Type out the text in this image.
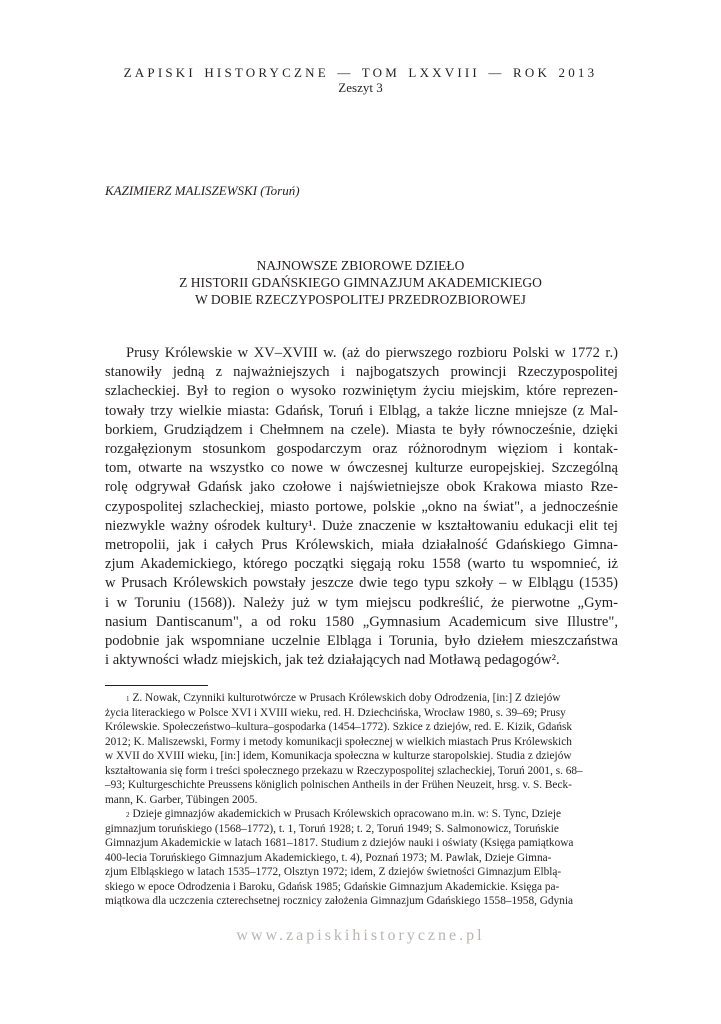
ZAPISKI HISTORYCZNE — TOM LXXVIII — ROK 2013
Zeszyt 3
KAZIMIERZ MALISZEWSKI (Toruń)
NAJNOWSZE ZBIOROWE DZIEŁO
Z HISTORII GDAŃSKIEGO GIMNAZJUM AKADEMICKIEGO
W DOBIE RZECZYPOSPOLITEJ PRZEDROZBIOROWEJ
Prusy Królewskie w XV–XVIII w. (aż do pierwszego rozbioru Polski w 1772 r.)
stanowiły jedną z najważniejszych i najbogatszych prowincji Rzeczypospolitej
szlacheckiej. Był to region o wysoko rozwiniętym życiu miejskim, które reprezen-
towały trzy wielkie miasta: Gdańsk, Toruń i Elbląg, a także liczne mniejsze (z Mal-
borkiem, Grudziądzem i Chełmnem na czele). Miasta te były równocześnie, dzięki
rozgałęzionym stosunkom gospodarczym oraz różnorodnym więziom i kontak-
tom, otwarte na wszystko co nowe w ówczesnej kulturze europejskiej. Szczególną
rolę odgrywał Gdańsk jako czołowe i najświetniejsze obok Krakowa miasto Rze-
czypospolitej szlacheckiej, miasto portowe, polskie „okno na świat", a jednocześnie
niezwykle ważny ośrodek kultury¹. Duże znaczenie w kształtowaniu edukacji elit tej
metropolii, jak i całych Prus Królewskich, miała działalność Gdańskiego Gimna-
zjum Akademickiego, którego początki sięgają roku 1558 (warto tu wspomnieć, iż
w Prusach Królewskich powstały jeszcze dwie tego typu szkoły – w Elblągu (1535)
i w Toruniu (1568)). Należy już w tym miejscu podkreślić, że pierwotne „Gym-
nasium Dantiscanum", a od roku 1580 „Gymnasium Academicum sive Illustre",
podobnie jak wspomniane uczelnie Elbląga i Torunia, było dziełem mieszczaństwa
i aktywności władz miejskich, jak też działających nad Motławą pedagogów².
$^1$ Z. Nowak, Czynniki kulturotwórcze w Prusach Królewskich doby Odrodzenia, [in:] Z dziejów
życia literackiego w Polsce XVI i XVIII wieku, red. H. Dziechcińska, Wrocław 1980, s. 39–69; Prusy
Królewskie. Społeczeństwo–kultura–gospodarka (1454–1772). Szkice z dziejów, red. E. Kizik, Gdańsk
2012; K. Maliszewski, Formy i metody komunikacji społecznej w wielkich miastach Prus Królewskich
w XVII do XVIII wieku, [in:] idem, Komunikacja społeczna w kulturze staropolskiej. Studia z dziejów
kształtowania się form i treści społecznego przekazu w Rzeczypospolitej szlacheckiej, Toruń 2001, s. 68–
–93; Kulturgeschichte Preussens königlich polnischen Antheils in der Frühen Neuzeit, hrsg. v. S. Beck-
mann, K. Garber, Tübingen 2005.
$^2$ Dzieje gimnazjów akademickich w Prusach Królewskich opracowano m.in. w: S. Tync, Dzieje
gimnazjum toruńskiego (1568–1772), t. 1, Toruń 1928; t. 2, Toruń 1949; S. Salmonowicz, Toruńskie
Gimnazjum Akademickie w latach 1681–1817. Studium z dziejów nauki i oświaty (Księga pamiątkowa
400-lecia Toruńskiego Gimnazjum Akademickiego, t. 4), Poznań 1973; M. Pawlak, Dzieje Gimna-
zjum Elbląskiego w latach 1535–1772, Olsztyn 1972; idem, Z dziejów świetności Gimnazjum Elblą-
skiego w epoce Odrodzenia i Baroku, Gdańsk 1985; Gdańskie Gimnazjum Akademickie. Księga pa-
miątkowa dla uczczenia czterechsetnej rocznicy założenia Gimnazjum Gdańskiego 1558–1958, Gdynia
www.zapiskihistoryczne.pl
